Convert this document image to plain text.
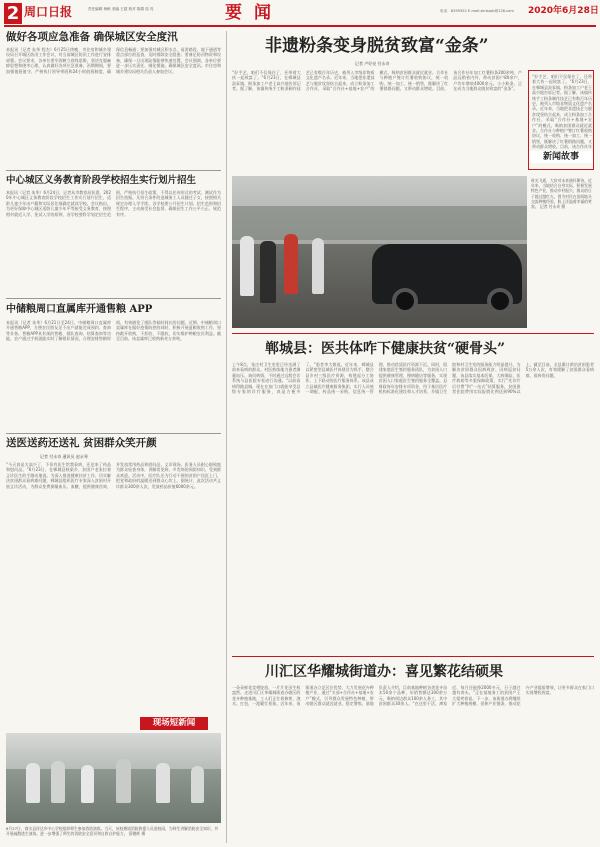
2 周口日报	责任编辑 杨帆 美编 王超 校对 陈娟 周 亮	要闻	电话：8299352 E-mail:zkrbzpb@126.com 2020年6月28日
做好各项应急准备 确保城区安全度汛
本报讯（记者 朱华 程杰）6月25日傍晚，市住房和城乡建设局召开城区防汛工作会议，对当前城区防汛工作进行安排部署。会议要求，各单位要牢固树立底线思维，坚决克服麻痹思想和侥幸心理，认真做好各项应急准备。汛期期间，要加强值班值守，严格执行领导带班和24小时值班制度，确保信息畅通；要加强对城区积水点、易涝路段、地下通道等重点部位的巡查，及时排除安全隐患；要备足防汛物资和设备，确保一旦出现险情能够快速处置。会议强调，各单位要进一步压实责任，细化措施，确保城区安全度汛。市住房和城乡建设局相关负责人参加会议。
中心城区义务教育阶段学校招生实行划片招生
本报讯（记者 朱华）6月24日，记者从市教育局获悉，2020年中心城区义务教育阶段学校招生工作实行划片招生，适龄儿童少年由户籍和实际居住地确定就读学校。会议指出，为更好保障中心城区适龄儿童少年平等接受义务教育，按照相对就近入学、免试入学的原则，各学校要科学划定招生范围，严格执行招生政策，不得以任何形式的考试、测试作为招生依据。凡符合条件的进城务工人员随迁子女，按照相关规定办理入学手续。各学校要公开招生计划、招生范围和招生程序，主动接受社会监督，确保招生工作公平公正、规范有序。
中储粮周口直属库开通售粮 APP
本报讯（记者 朱华）6月21日至24日，中储粮周口直属库开通售粮APP，方便农民朋友足不出户就能完成预约、查询等业务。售粮APP具有预约售粮、排队查询、结算查询等功能，农户通过手机就能实时了解排队情况，合理安排售粮时间，有效避免了排队等候时间长的问题。近期，中储粮周口直属库在做好疫情防控的同时，积极开展夏粮收购工作，坚持敞开收购，不拒收、不限收，切实维护种粮农民利益。截至目前，该直属库已收购新麦万余吨。
送医送药还送礼 贫困群众笑开颜
记者 付永奇 通讯员 赵永琴
“今天真是太高兴了，不但有医生给我看病，还送来了药品和慰问品。”6月23日，在郸城县秋渠乡，贫困户老张拉着义诊医生的手激动地说。为深入推进健康扶贫工作，切实解决贫困群众看病难问题，郸城县组织医疗专家深入贫困村开展义诊活动，为群众免费测量血压、血糖，提供健康咨询，并发放常用药品和慰问品。义诊现场，医务人员耐心细致地为群众检查身体，讲解常见病、多发病的预防知识，受到群众欢迎。活动中，医疗队还为行动不便的贫困户送医上门，把党和政府的温暖送到群众心坎上。据统计，此次活动共义诊群众300余人次，发放药品价值6000余元。
现场短新闻
6月27日，商水县祥达乡中心学校组织师生参加消防演练。当天，该校邀请消防救援人员进校园，为师生讲解消防安全知识，并开展疏散逃生演练，进一步增强了师生的消防安全意识和自救自护能力。 薛德辉 摄
非遗粉条变身脱贫致富“金条”
记者 卢好亮 付永奇
“好手艺，咱们不仅保住了，还带着大伙一起致富了。”6月23日，在郸城县汲冢镇，粉条加工户老王高兴地告诉记者。据了解，该镇传统手工粉条制作技艺已有数百年历史，被列入市级非物质文化遗产名录。近年来，当地把非遗技艺与脱贫攻坚结合起来，成立粉条加工合作社，采取“合作社+基地+农户”的模式，吸纳贫困群众就近就业。合作社与种植户签订红薯收购协议，统一收购、统一加工、统一销售，既解决了红薯销路问题，又带动群众增收。目前，该合作社年加工红薯粉条200余吨，产品远销省内外，带动贫困户80余户，户均年增收4000余元。小小粉条，正在成为当地群众脱贫致富的“金条”。
“好手艺，咱们不仅保住了，还带着大伙一起致富了。”6月23日，在郸城县汲冢镇，粉条加工户老王高兴地告诉记者。据了解，该镇传统手工粉条制作技艺已有数百年历史，被列入市级非物质文化遗产名录。近年来，当地把非遗技艺与脱贫攻坚结合起来，成立粉条加工合作社，采取“合作社+基地+农户”的模式，吸纳贫困群众就近就业。合作社与种植户签订红薯收购协议，统一收购、统一加工、统一销售，既解决了红薯销路问题，又带动群众增收。目前，该合作社年
新闻故事
时光飞逝，大伙对未来满怀期待。近年来，当地结合自身实际，积极发展特色产业，推动乡村振兴，群众的日子越过越红火。图为村民在田间地头交流种植经验，脸上洋溢着幸福的笑容。 记者 付永奇 摄
郸城县：医共体咋下健康扶贫“硬骨头”
上午8点，张庄村卫生室里已经坐满了前来看病的群众。村医熟练地为患者测量血压、询问病情，不时通过远程会诊系统与县医院专家进行沟通。“以前看病得跑县城，现在在家门口就能享受县级专家的诊疗服务，真是方便多了。”患者李大娘说。近年来，郸城县以紧密型县域医共体建设为抓手，整合县乡村三级医疗资源，构建起分工协作、上下联动的医疗服务体系。该县成立县域医疗健康服务集团，实行人员统一调配、药品统一采购、信息统一管理，推动优质医疗资源下沉。同时，组建家庭医生签约服务团队，为贫困人口提供健康管理、慢病随访等服务，实现贫困人口家庭医生签约服务全覆盖。县财政每年安排专项资金，用于基层医疗机构标准化建设和人才培养，乡镇卫生院和村卫生室的服务能力明显提升。为解决贫困群众因病致贫、因病返贫问题，该县落实基本医保、大病保险、医疗救助等多重保障政策，实行“先诊疗后付费”和“一站式”结算服务，贫困患者住院费用实际报销比例达到90%以上。截至目前，全县累计救治贫困患者5万余人次，有效缓解了贫困群众看病难、看病贵问题。
川汇区华耀城街道办：喜见繁花结硕果
一朵朵鲜花竞相绽放，一片片花田生机盎然。走进川汇区华耀城街道办辖区的花卉种植基地，工人们正忙着修剪、浇水、打包，一派繁忙景象。近年来，该街道办立足区位优势，大力发展花卉种植产业，通过“支部+合作社+基地+农户”模式，引导群众发展特色种植，带动辖区群众就近就业、稳定增收。基地负责人介绍，目前基地种植各类花卉苗木50余个品种，年销售额达300余万元，吸纳周边群众100余人务工，其中贫困群众30余人。“在这里干活，离家近，每月还能挣2000多元，日子越过越有奔头。”正在基地务工的贫困户王大姐笑着说。下一步，该街道办将继续扩大种植规模，延伸产业链条，推动花卉产业提质增效，让更多群众在家门口实现增收致富。
